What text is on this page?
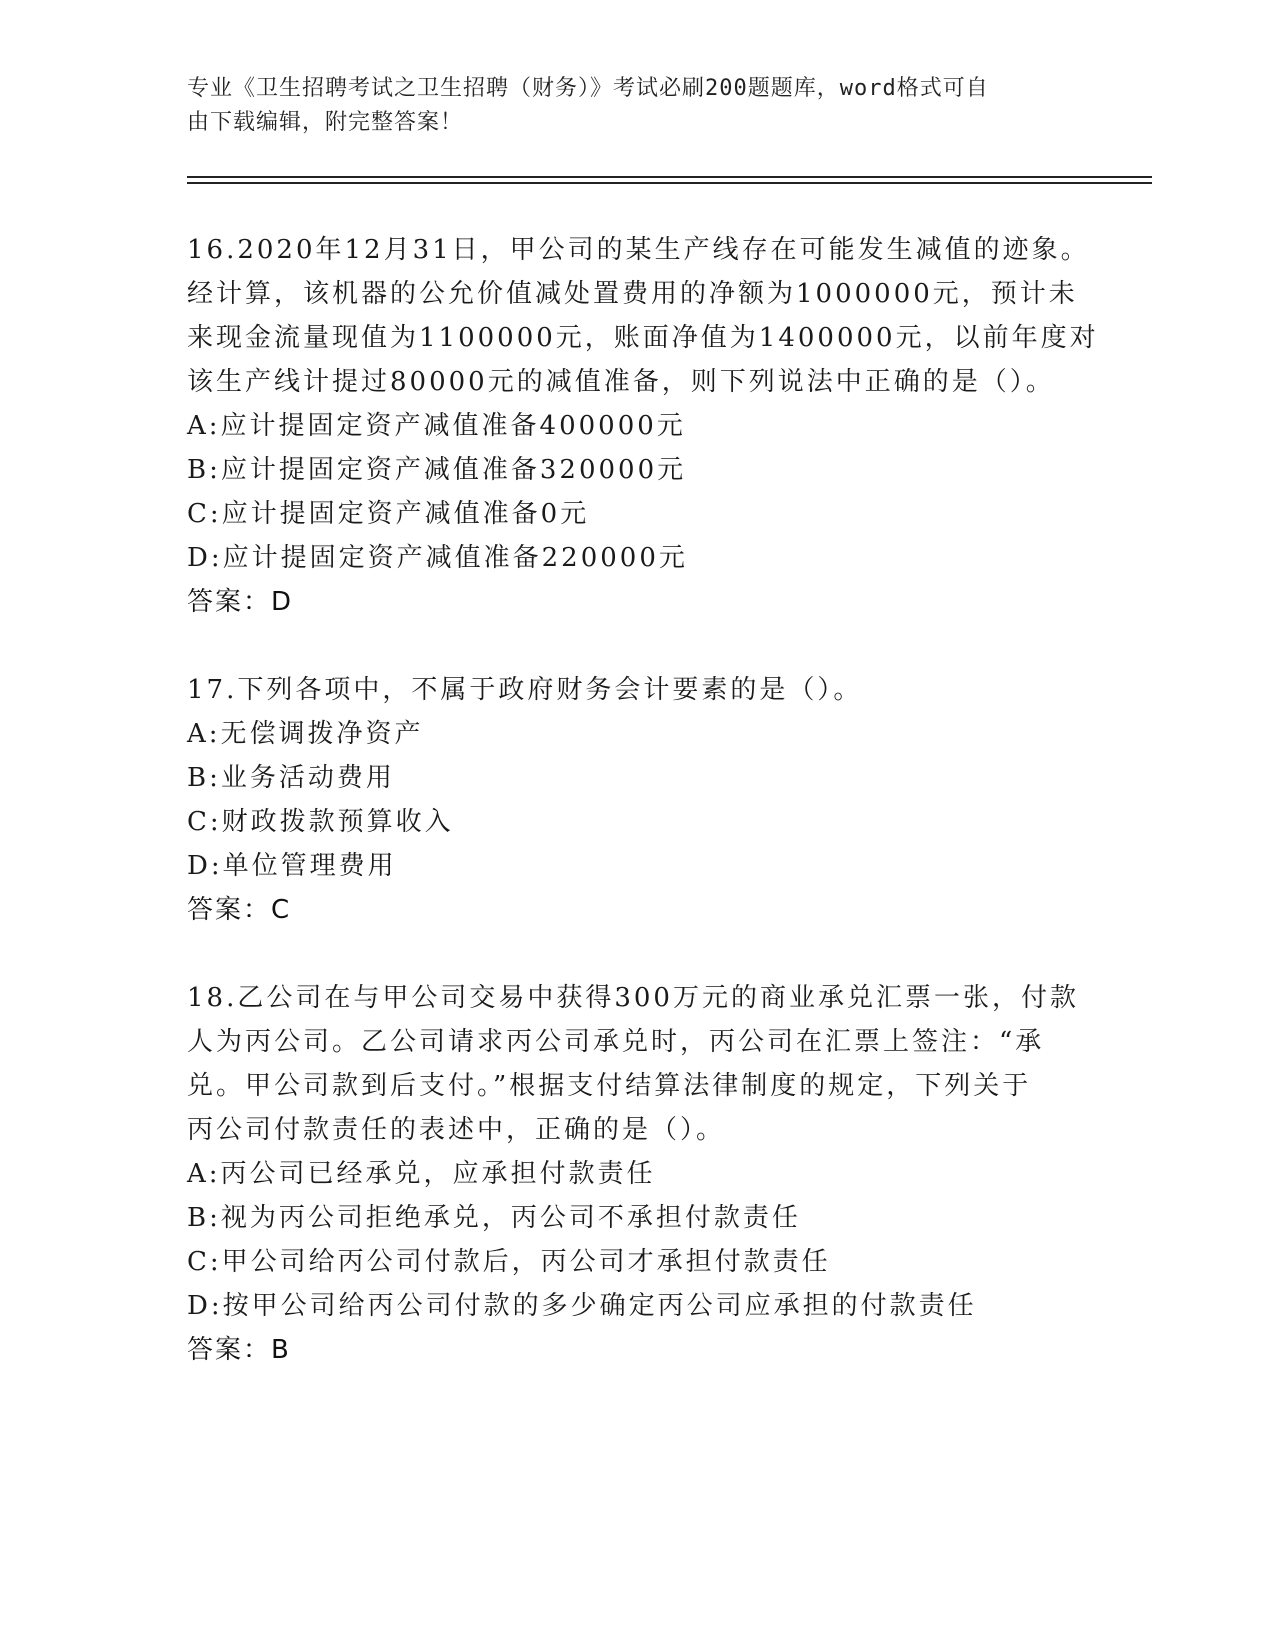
专业《卫生招聘考试之卫生招聘（财务）》考试必刷200题题库，word格式可自
由下载编辑，附完整答案！
16.2020年12月31日，甲公司的某生产线存在可能发生减值的迹象。
经计算，该机器的公允价值减处置费用的净额为1000000元，预计未
来现金流量现值为1100000元，账面净值为1400000元，以前年度对
该生产线计提过80000元的减值准备，则下列说法中正确的是（）。
A:应计提固定资产减值准备400000元
B:应计提固定资产减值准备320000元
C:应计提固定资产减值准备0元
D:应计提固定资产减值准备220000元
答案：D
17.下列各项中，不属于政府财务会计要素的是（）。
A:无偿调拨净资产
B:业务活动费用
C:财政拨款预算收入
D:单位管理费用
答案：C
18.乙公司在与甲公司交易中获得300万元的商业承兑汇票一张，付款
人为丙公司。乙公司请求丙公司承兑时，丙公司在汇票上签注：“承
兑。甲公司款到后支付。”根据支付结算法律制度的规定，下列关于
丙公司付款责任的表述中，正确的是（）。
A:丙公司已经承兑，应承担付款责任
B:视为丙公司拒绝承兑，丙公司不承担付款责任
C:甲公司给丙公司付款后，丙公司才承担付款责任
D:按甲公司给丙公司付款的多少确定丙公司应承担的付款责任
答案：B
